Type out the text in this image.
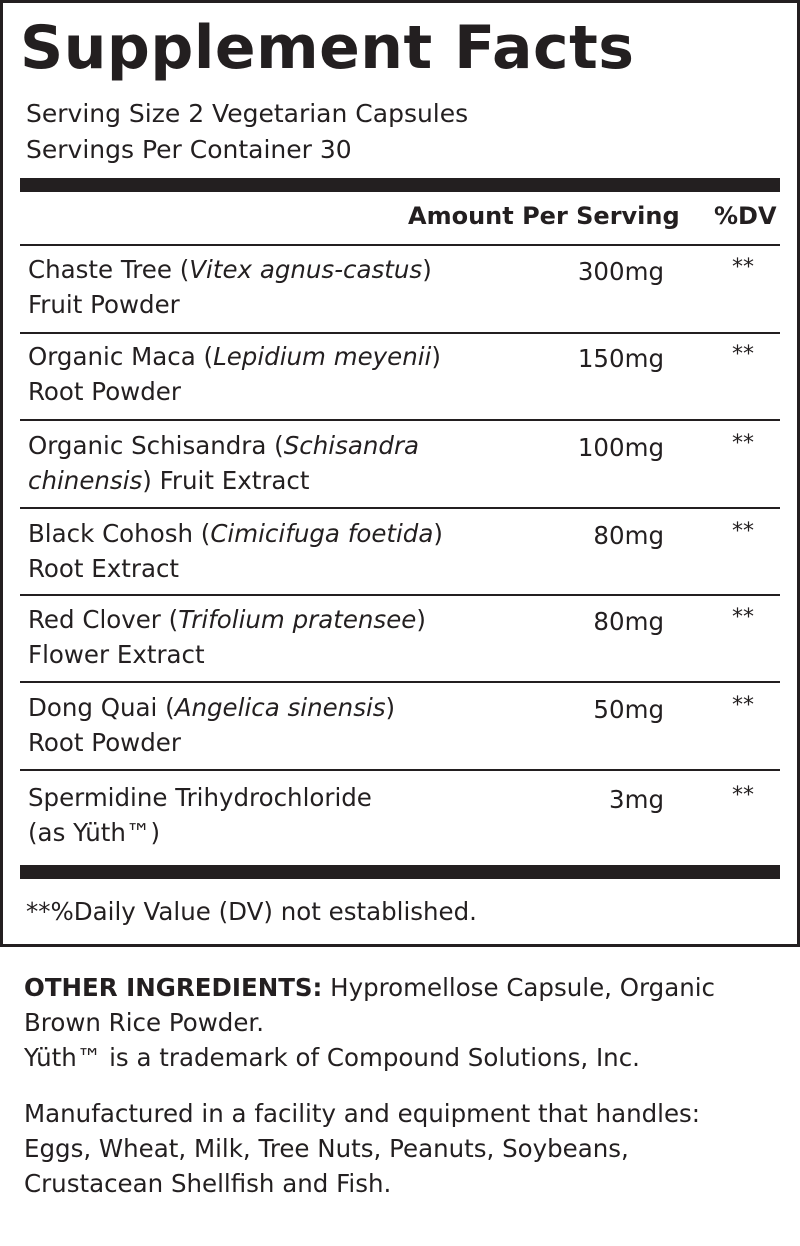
Supplement Facts
Serving Size 2 Vegetarian Capsules
Servings Per Container 30
Amount Per Serving %DV
Chaste Tree (Vitex agnus-castus)
Fruit Powder
300mg	**
Organic Maca (Lepidium meyenii)
Root Powder
150mg	**
Organic Schisandra (Schisandra
chinensis) Fruit Extract
100mg	**
Black Cohosh (Cimicifuga foetida)
Root Extract
80mg	**
Red Clover (Trifolium pratensee)
Flower Extract
80mg	**
Dong Quai (Angelica sinensis)
Root Powder
50mg	**
Spermidine Trihydrochloride
(as Yüth™)
3mg	**
**%Daily Value (DV) not established.
OTHER INGREDIENTS: Hypromellose Capsule, Organic
Brown Rice Powder.
Yüth™ is a trademark of Compound Solutions, Inc.
Manufactured in a facility and equipment that handles:
Eggs, Wheat, Milk, Tree Nuts, Peanuts, Soybeans,
Crustacean Shellfish and Fish.
